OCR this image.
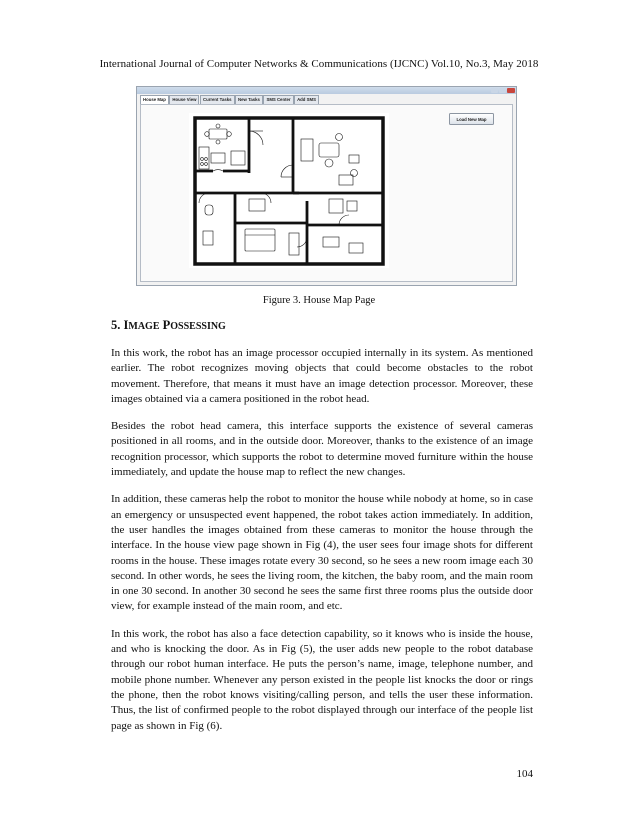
International Journal of Computer Networks & Communications (IJCNC) Vol.10, No.3, May 2018
House Map	House View	Current Tasks	New Tasks	SMS Center	Add SMS
Load New Map
Figure 3. House Map Page
5. IMAGE POSSESSING

In this work, the robot has an image processor occupied internally in its system. As mentioned earlier. The robot recognizes moving objects that could become obstacles to the robot movement. Therefore, that means it must have an image detection processor. Moreover, these images obtained via a camera positioned in the robot head.

Besides the robot head camera, this interface supports the existence of several cameras positioned in all rooms, and in the outside door. Moreover, thanks to the existence of an image recognition processor, which supports the robot to determine moved furniture within the house immediately, and update the house map to reflect the new changes.

In addition, these cameras help the robot to monitor the house while nobody at home, so in case an emergency or unsuspected event happened, the robot takes action immediately. In addition, the user handles the images obtained from these cameras to monitor the house through the interface. In the house view page shown in Fig (4), the user sees four image shots for different rooms in the house. These images rotate every 30 second, so he sees a new room image each 30 second. In other words, he sees the living room, the kitchen, the baby room, and the main room in one 30 second. In another 30 second he sees the same first three rooms plus the outside door view, for example instead of the main room, and etc.

In this work, the robot has also a face detection capability, so it knows who is inside the house, and who is knocking the door. As in Fig (5), the user adds new people to the robot database through our robot human interface. He puts the person’s name, image, telephone number, and mobile phone number. Whenever any person existed in the people list knocks the door or rings the phone, then the robot knows visiting/calling person, and tells the user these information. Thus, the list of confirmed people to the robot displayed through our interface of the people list page as shown in Fig (6).

104
